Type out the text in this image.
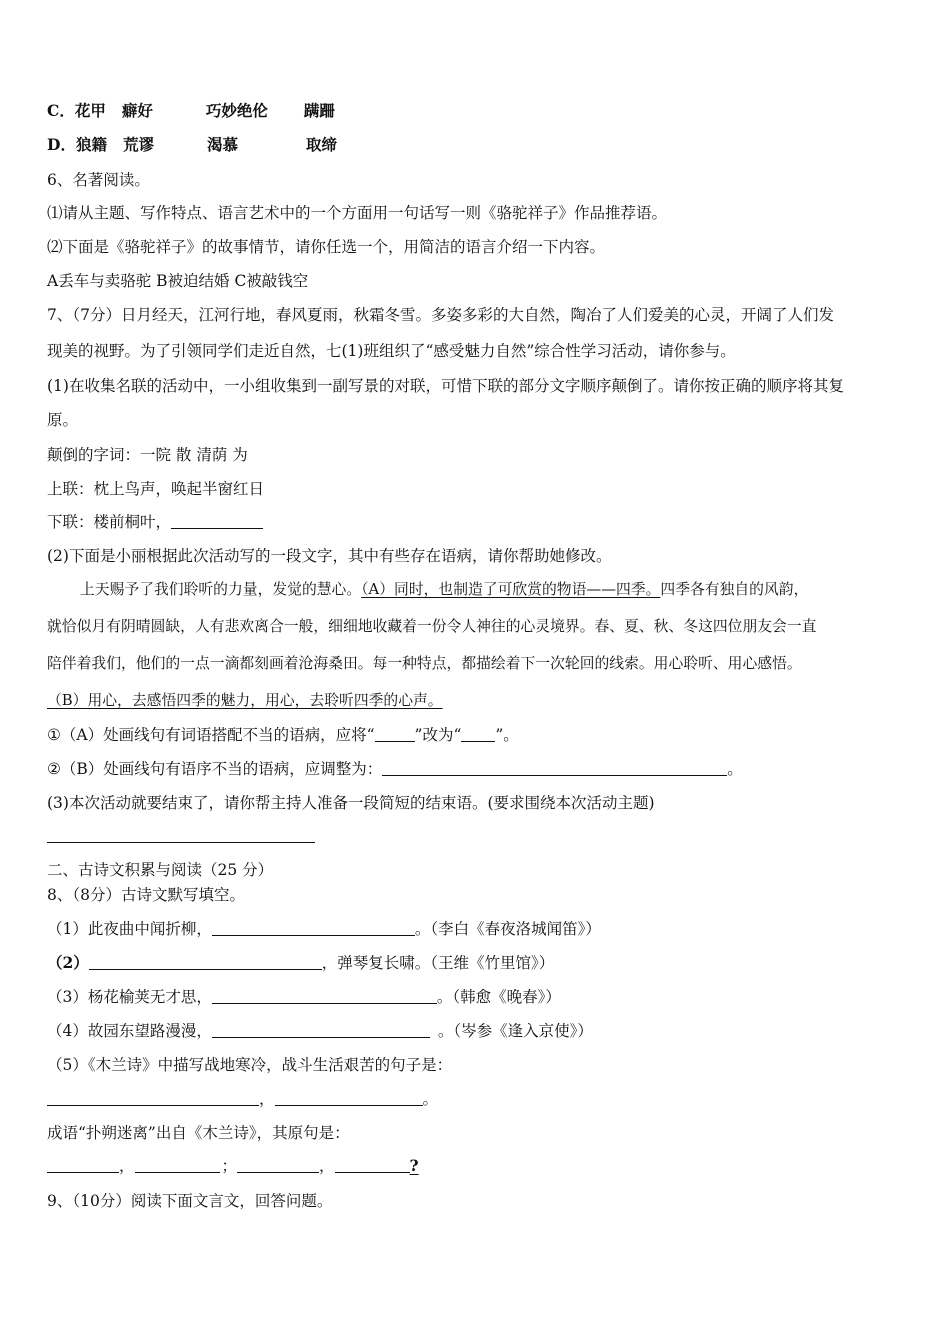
C．花甲 癖好	巧妙绝伦 蹒跚
D．狼籍 荒谬	渴慕	取缔
6、名著阅读。
⑴请从主题、写作特点、语言艺术中的一个方面用一句话写一则《骆驼祥子》作品推荐语。
⑵下面是《骆驼祥子》的故事情节，请你任选一个，用简洁的语言介绍一下内容。
A丢车与卖骆驼 B被迫结婚 C被敲钱空
7、（7分）日月经天，江河行地，春风夏雨，秋霜冬雪。多姿多彩的大自然，陶冶了人们爱美的心灵，开阔了人们发
现美的视野。为了引领同学们走近自然，七(1)班组织了“感受魅力自然”综合性学习活动，请你参与。
(1)在收集名联的活动中，一小组收集到一副写景的对联，可惜下联的部分文字顺序颠倒了。请你按正确的顺序将其复
原。
颠倒的字词：一院 散 清荫 为
上联：枕上鸟声，唤起半窗红日
下联：楼前桐叶，
(2)下面是小丽根据此次活动写的一段文字，其中有些存在语病，请你帮助她修改。
上天赐予了我们聆听的力量，发觉的慧心。（A）同时，也制造了可欣赏的物语——四季。四季各有独自的风韵，
就恰似月有阴晴圆缺，人有悲欢离合一般，细细地收藏着一份令人神往的心灵境界。春、夏、秋、冬这四位朋友会一直
陪伴着我们，他们的一点一滴都刻画着沧海桑田。每一种特点，都描绘着下一次轮回的线索。用心聆听、用心感悟。
（B）用心，去感悟四季的魅力，用心，去聆听四季的心声。
①（A）处画线句有词语搭配不当的语病，应将“	”改为“ ”。
②（B）处画线句有语序不当的语病，应调整为：	。
(3)本次活动就要结束了，请你帮主持人准备一段简短的结束语。(要求围绕本次活动主题)
二、古诗文积累与阅读（25 分）
8、（8分）古诗文默写填空。
（1）此夜曲中闻折柳，	。（李白《春夜洛城闻笛》）
（2）	，弹琴复长啸。（王维《竹里馆》）
（3）杨花榆荚无才思，	。（韩愈《晚春》）
（4）故园东望路漫漫，	。（岑参《逢入京使》）
（5）《木兰诗》中描写战地寒冷，战斗生活艰苦的句子是：
，	。
成语“扑朔迷离”出自《木兰诗》，其原句是：
，	；	，	?
9、（10分）阅读下面文言文，回答问题。
